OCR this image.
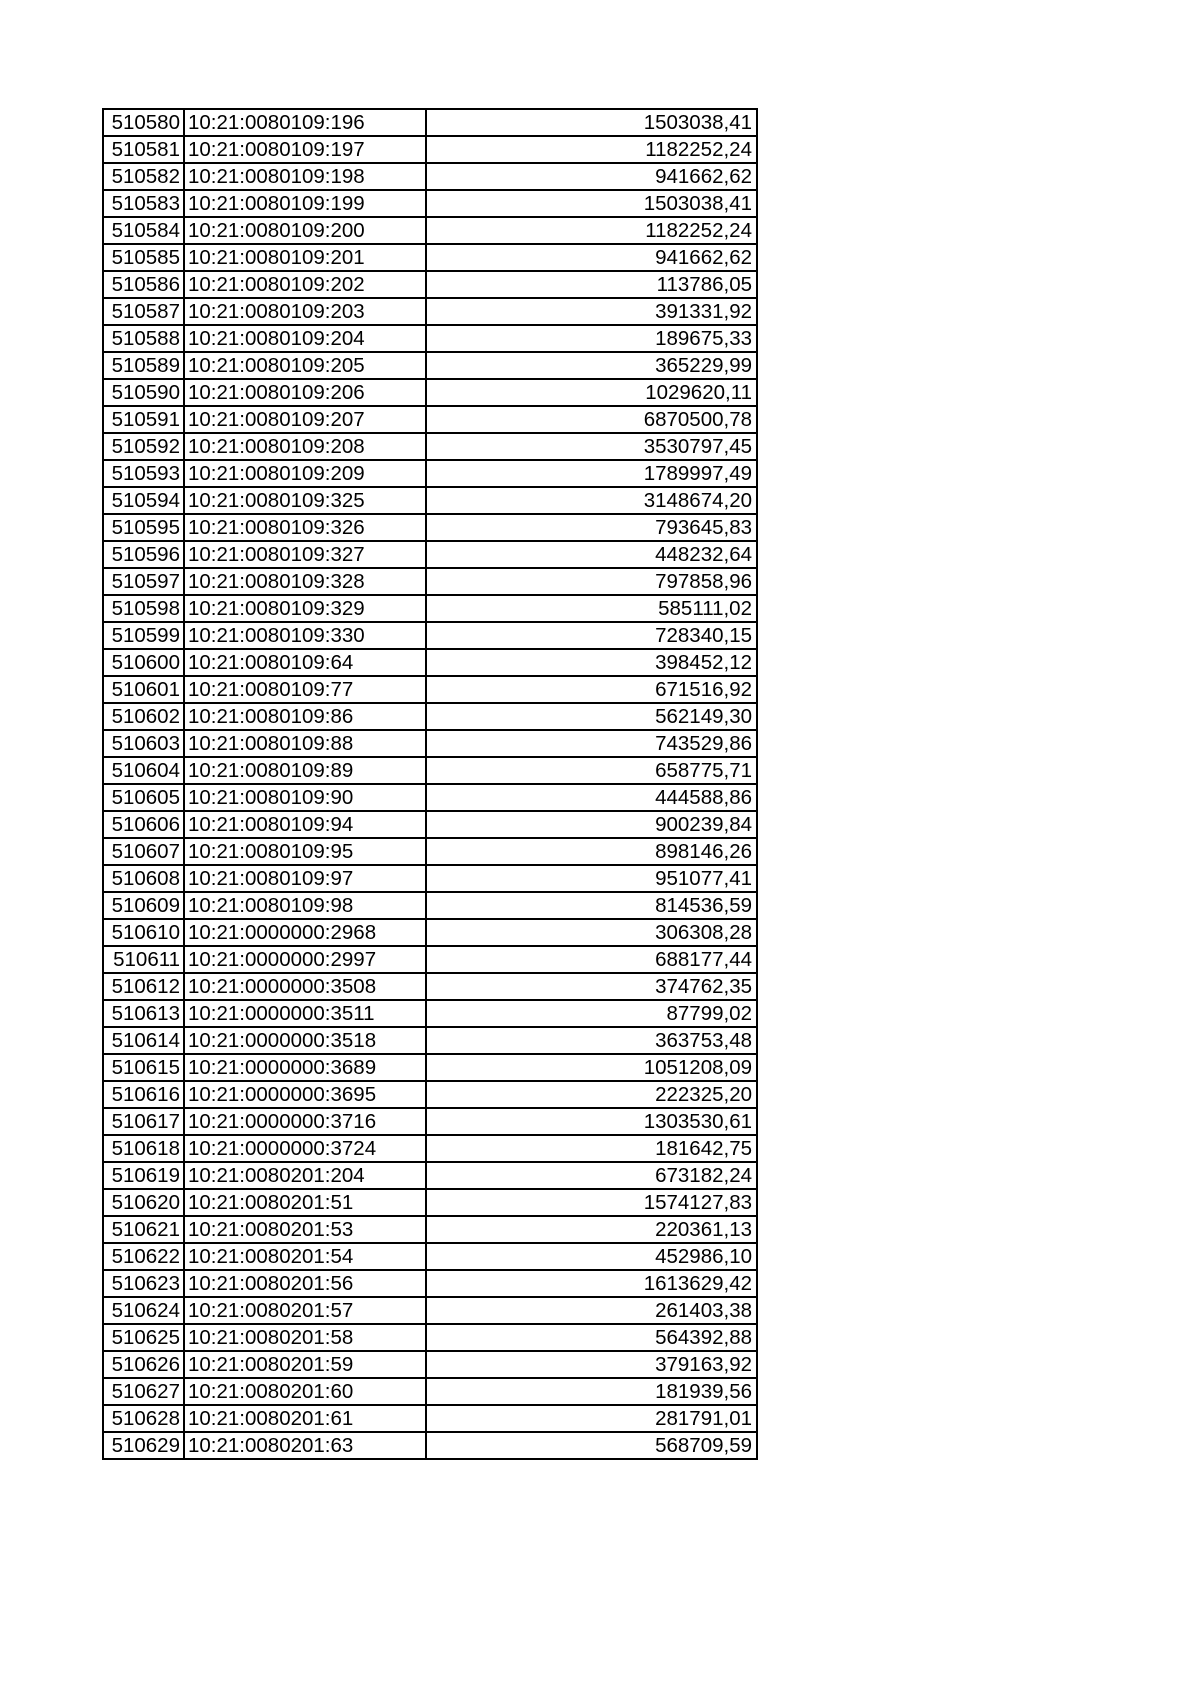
510580	10:21:0080109:196	1503038,41
510581	10:21:0080109:197	1182252,24
510582	10:21:0080109:198	941662,62
510583	10:21:0080109:199	1503038,41
510584	10:21:0080109:200	1182252,24
510585	10:21:0080109:201	941662,62
510586	10:21:0080109:202	113786,05
510587	10:21:0080109:203	391331,92
510588	10:21:0080109:204	189675,33
510589	10:21:0080109:205	365229,99
510590	10:21:0080109:206	1029620,11
510591	10:21:0080109:207	6870500,78
510592	10:21:0080109:208	3530797,45
510593	10:21:0080109:209	1789997,49
510594	10:21:0080109:325	3148674,20
510595	10:21:0080109:326	793645,83
510596	10:21:0080109:327	448232,64
510597	10:21:0080109:328	797858,96
510598	10:21:0080109:329	585111,02
510599	10:21:0080109:330	728340,15
510600	10:21:0080109:64	398452,12
510601	10:21:0080109:77	671516,92
510602	10:21:0080109:86	562149,30
510603	10:21:0080109:88	743529,86
510604	10:21:0080109:89	658775,71
510605	10:21:0080109:90	444588,86
510606	10:21:0080109:94	900239,84
510607	10:21:0080109:95	898146,26
510608	10:21:0080109:97	951077,41
510609	10:21:0080109:98	814536,59
510610	10:21:0000000:2968	306308,28
510611	10:21:0000000:2997	688177,44
510612	10:21:0000000:3508	374762,35
510613	10:21:0000000:3511	87799,02
510614	10:21:0000000:3518	363753,48
510615	10:21:0000000:3689	1051208,09
510616	10:21:0000000:3695	222325,20
510617	10:21:0000000:3716	1303530,61
510618	10:21:0000000:3724	181642,75
510619	10:21:0080201:204	673182,24
510620	10:21:0080201:51	1574127,83
510621	10:21:0080201:53	220361,13
510622	10:21:0080201:54	452986,10
510623	10:21:0080201:56	1613629,42
510624	10:21:0080201:57	261403,38
510625	10:21:0080201:58	564392,88
510626	10:21:0080201:59	379163,92
510627	10:21:0080201:60	181939,56
510628	10:21:0080201:61	281791,01
510629	10:21:0080201:63	568709,59
